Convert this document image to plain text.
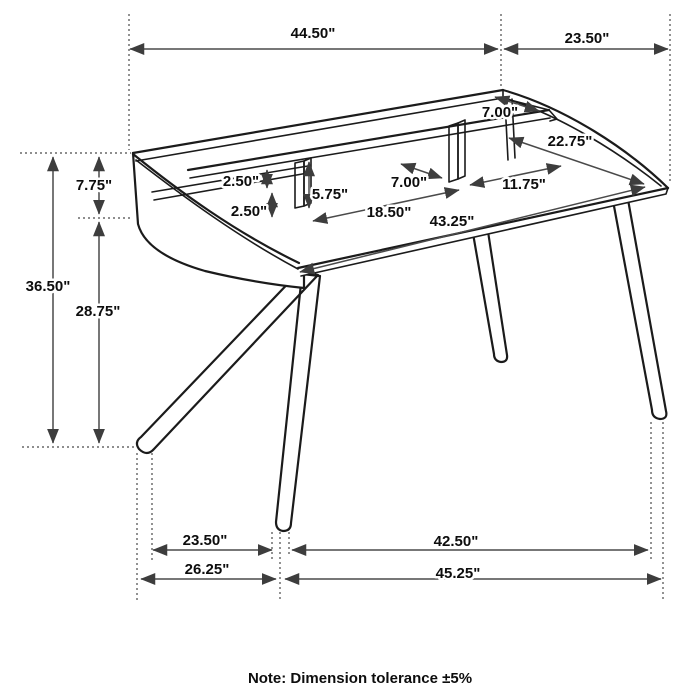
44.50"	23.50"
7.00"
22.75"
2.50"
2.50"
5.75"
7.00"	11.75"
18.50"
43.25"
7.75"
36.50"
28.75"
23.50"	42.50"
26.25"	45.25"
Note: Dimension tolerance ±5%
